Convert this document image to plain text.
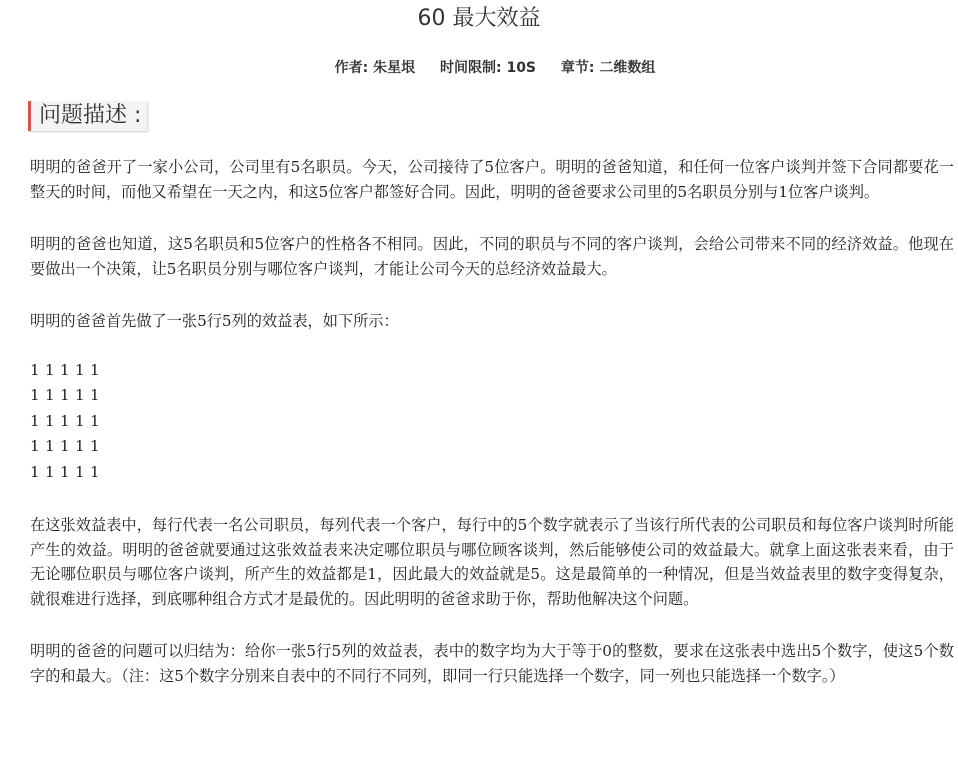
60 最大效益
作者: 朱星垠 时间限制: 10S 章节: 二维数组
问题描述 :

明明的爸爸开了一家小公司，公司里有5名职员。今天，公司接待了5位客户。明明的爸爸知道，和任何一位客户谈判并签下合同都要花一整天的时间，而他又希望在一天之内，和这5位客户都签好合同。因此，明明的爸爸要求公司里的5名职员分别与1位客户谈判。

明明的爸爸也知道，这5名职员和5位客户的性格各不相同。因此，不同的职员与不同的客户谈判，会给公司带来不同的经济效益。他现在要做出一个决策，让5名职员分别与哪位客户谈判，才能让公司今天的总经济效益最大。

明明的爸爸首先做了一张5行5列的效益表，如下所示：

1 1 1 1 1
1 1 1 1 1
1 1 1 1 1
1 1 1 1 1
1 1 1 1 1

在这张效益表中，每行代表一名公司职员，每列代表一个客户，每行中的5个数字就表示了当该行所代表的公司职员和每位客户谈判时所能产生的效益。明明的爸爸就要通过这张效益表来决定哪位职员与哪位顾客谈判，然后能够使公司的效益最大。就拿上面这张表来看，由于无论哪位职员与哪位客户谈判，所产生的效益都是1，因此最大的效益就是5。这是最简单的一种情况，但是当效益表里的数字变得复杂，就很难进行选择，到底哪种组合方式才是最优的。因此明明的爸爸求助于你，帮助他解决这个问题。

明明的爸爸的问题可以归结为：给你一张5行5列的效益表，表中的数字均为大于等于0的整数，要求在这张表中选出5个数字，使这5个数字的和最大。（注：这5个数字分别来自表中的不同行不同列，即同一行只能选择一个数字，同一列也只能选择一个数字。）
